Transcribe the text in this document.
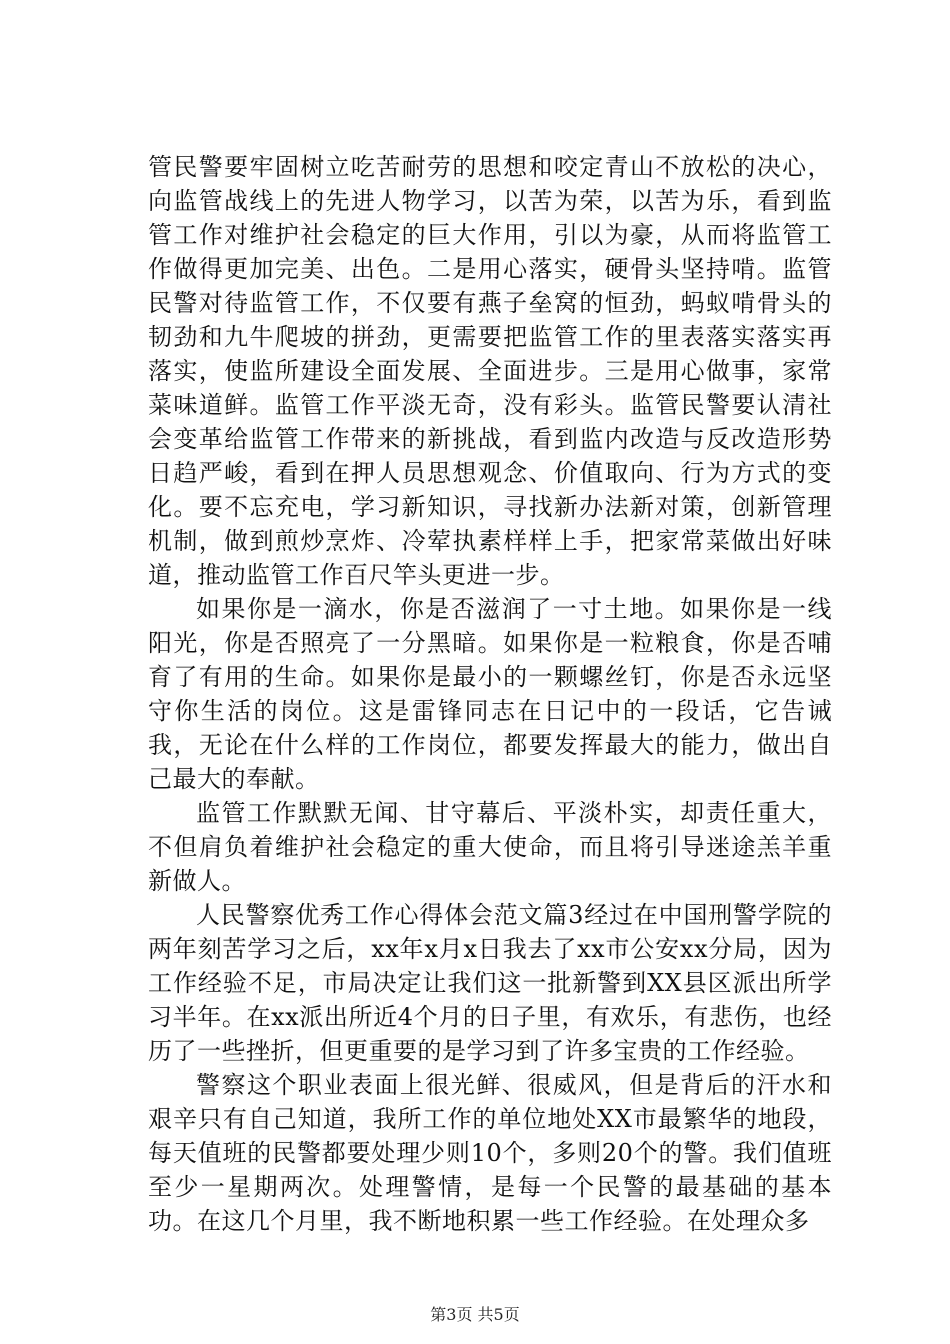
管民警要牢固树立吃苦耐劳的思想和咬定青山不放松的决心，向监管战线上的先进人物学习，以苦为荣，以苦为乐，看到监管工作对维护社会稳定的巨大作用，引以为豪，从而将监管工作做得更加完美、出色。二是用心落实，硬骨头坚持啃。监管民警对待监管工作，不仅要有燕子垒窝的恒劲，蚂蚁啃骨头的韧劲和九牛爬坡的拼劲，更需要把监管工作的里表落实落实再落实，使监所建设全面发展、全面进步。三是用心做事，家常菜味道鲜。监管工作平淡无奇，没有彩头。监管民警要认清社会变革给监管工作带来的新挑战，看到监内改造与反改造形势日趋严峻，看到在押人员思想观念、价值取向、行为方式的变化。要不忘充电，学习新知识，寻找新办法新对策，创新管理机制，做到煎炒烹炸、冷荤执素样样上手，把家常菜做出好味道，推动监管工作百尺竿头更进一步。

如果你是一滴水，你是否滋润了一寸土地。如果你是一线阳光，你是否照亮了一分黑暗。如果你是一粒粮食，你是否哺育了有用的生命。如果你是最小的一颗螺丝钉，你是否永远坚守你生活的岗位。这是雷锋同志在日记中的一段话，它告诫我，无论在什么样的工作岗位，都要发挥最大的能力，做出自己最大的奉献。

监管工作默默无闻、甘守幕后、平淡朴实，却责任重大，不但肩负着维护社会稳定的重大使命，而且将引导迷途羔羊重新做人。

人民警察优秀工作心得体会范文篇3经过在中国刑警学院的两年刻苦学习之后，xx年x月x日我去了xx市公安xx分局，因为工作经验不足，市局决定让我们这一批新警到XX县区派出所学习半年。在xx派出所近4个月的日子里，有欢乐，有悲伤，也经历了一些挫折，但更重要的是学习到了许多宝贵的工作经验。

警察这个职业表面上很光鲜、很威风，但是背后的汗水和艰辛只有自己知道，我所工作的单位地处XX市最繁华的地段，每天值班的民警都要处理少则10个，多则20个的警。我们值班至少一星期两次。处理警情，是每一个民警的最基础的基本功。在这几个月里，我不断地积累一些工作经验。在处理众多

第3页 共5页
